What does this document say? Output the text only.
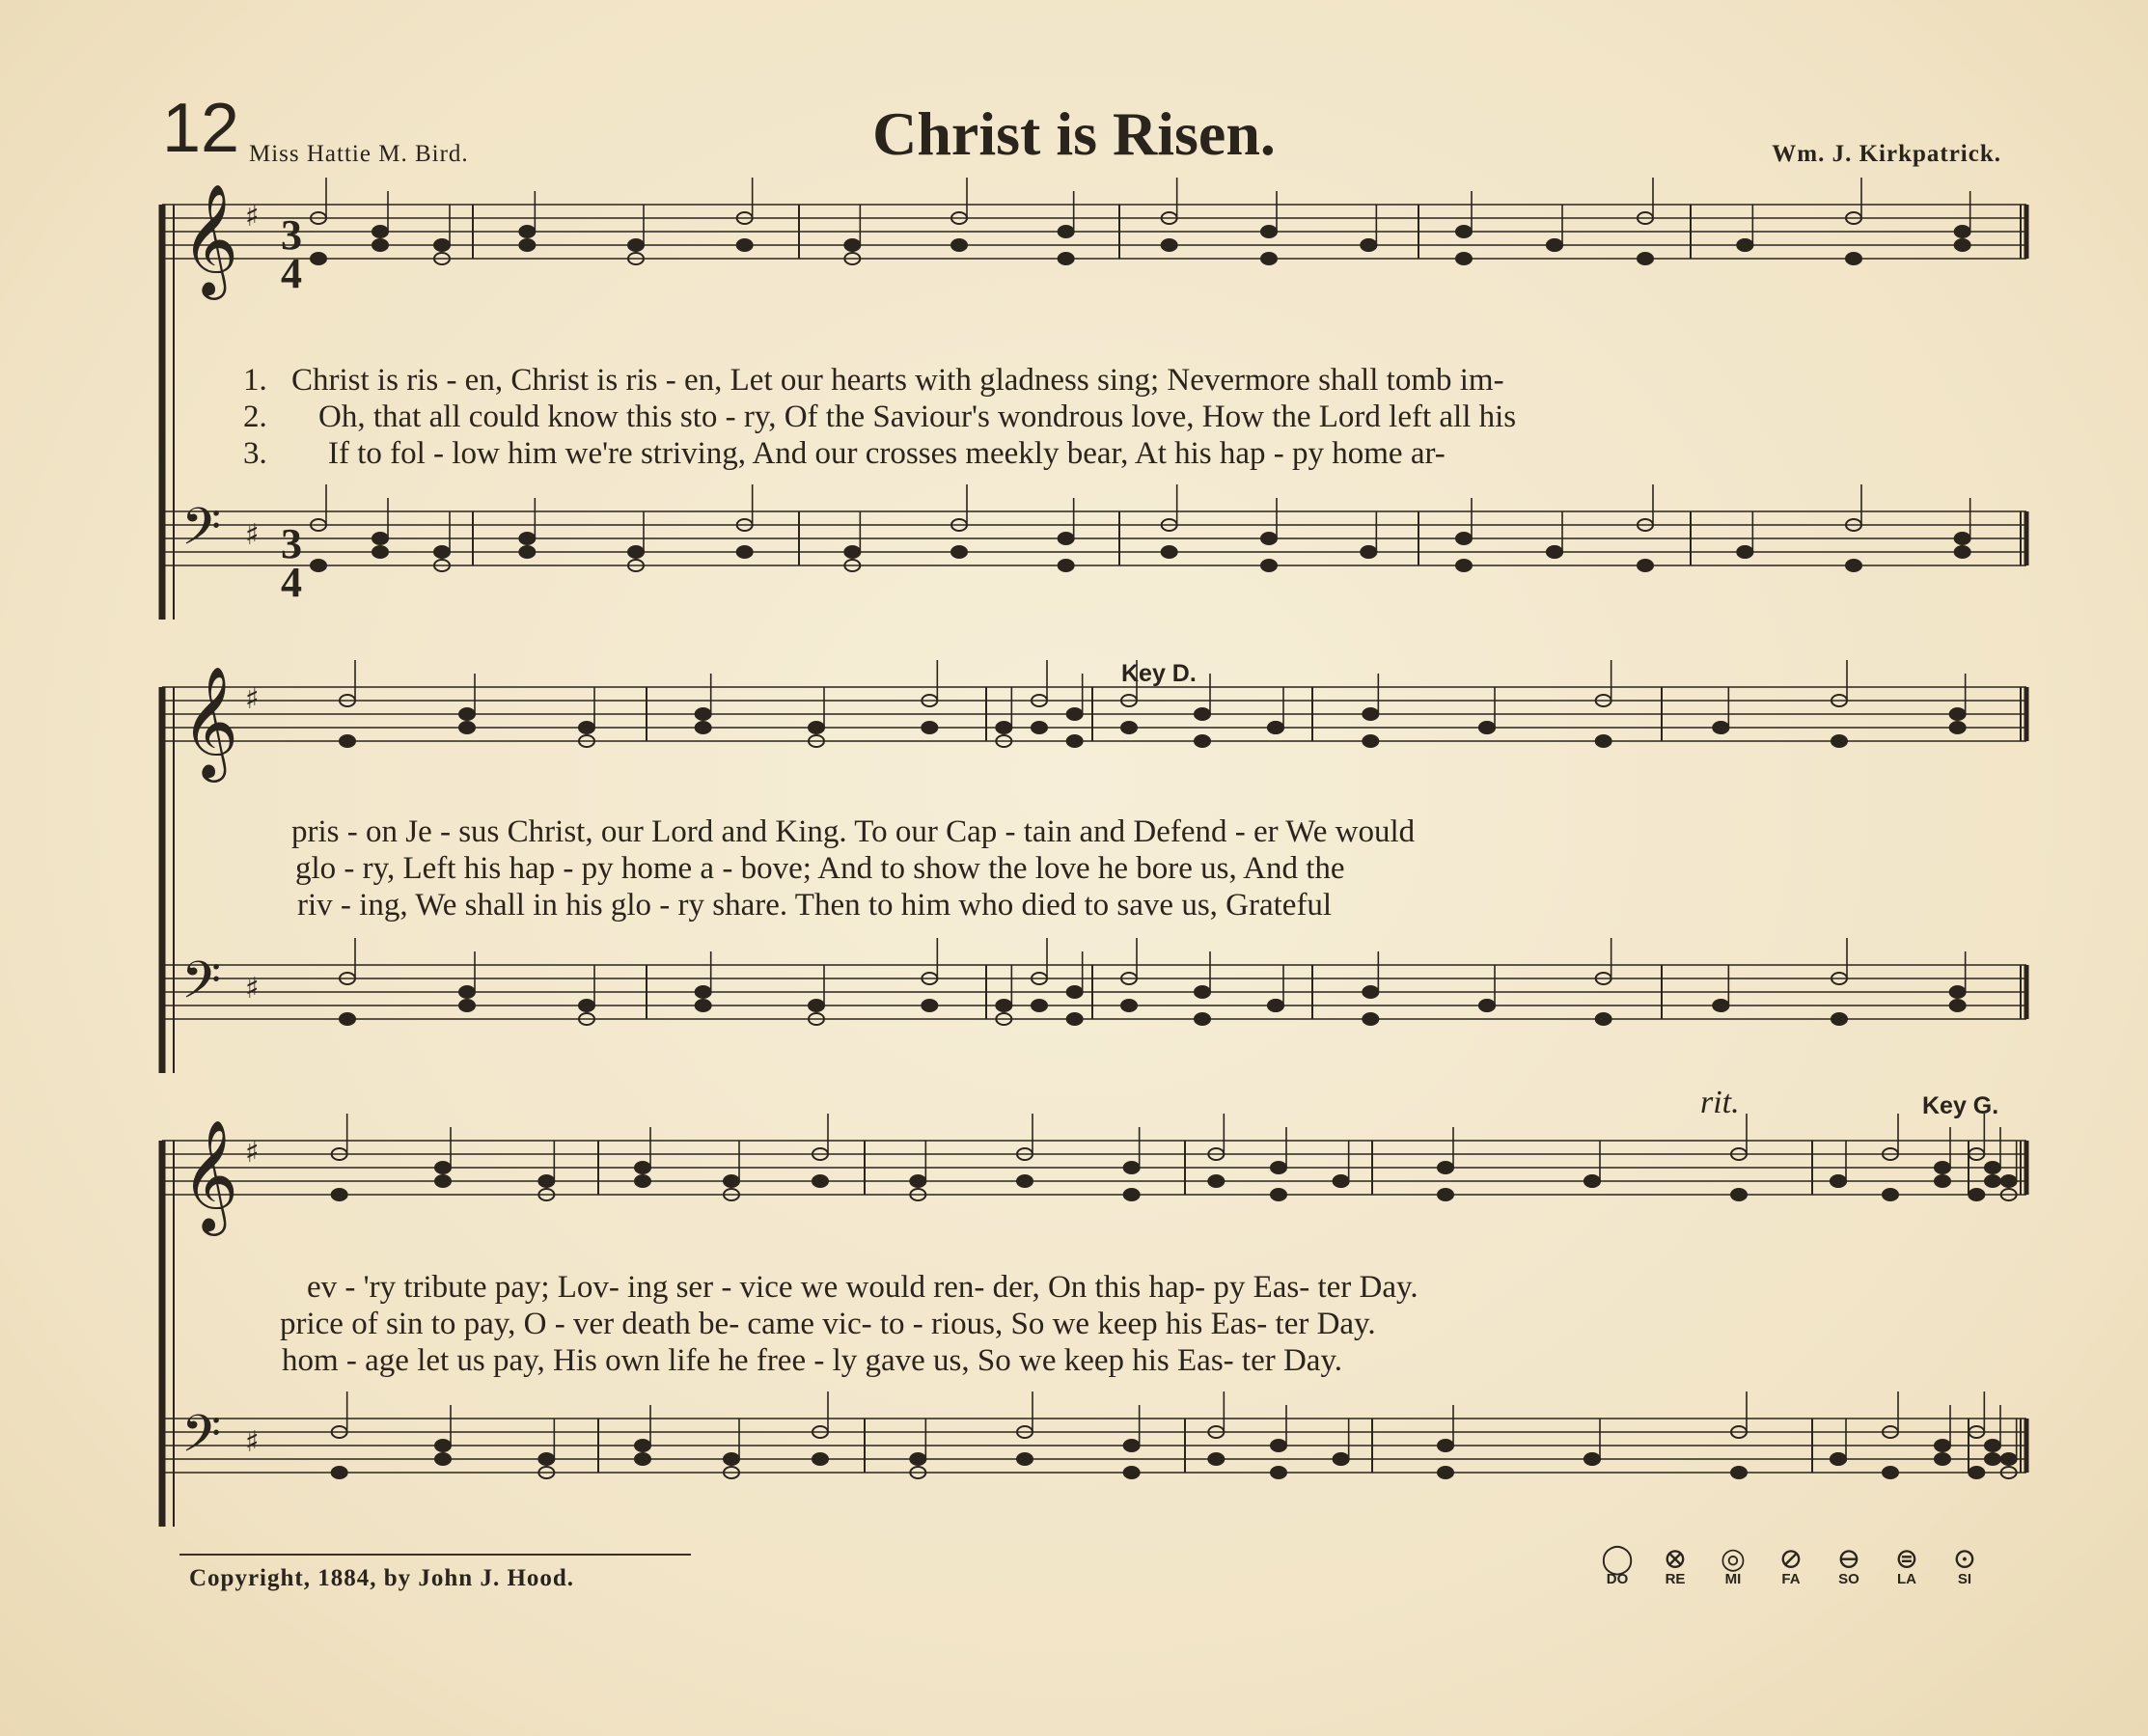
12 Miss Hattie M. Bird.	Christ is Risen.	Wm. J. Kirkpatrick.
𝄞 ♯
𝄢 ♯
𝄞 ♯
𝄢 ♯
𝄞 ♯
𝄢 ♯
3
4
3
4
1.
2.
3.
Christ is ris - en, Christ is ris - en, Let our hearts with gladness sing; Nevermore shall tomb im-
Oh, that all could know this sto - ry, Of the Saviour's wondrous love, How the Lord left all his
If to fol - low him we're striving, And our crosses meekly bear, At his hap - py home ar-
Key D.
pris - on Je - sus Christ, our Lord and King. To our Cap - tain and Defend - er We would
glo - ry, Left his hap - py home a - bove; And to show the love he bore us, And the
riv - ing, We shall in his glo - ry share. Then to him who died to save us, Grateful
rit.	Key G.
ev - 'ry tribute pay; Lov- ing ser - vice we would ren- der, On this hap- py Eas- ter Day.
price of sin to pay, O - ver death be- came vic- to - rious, So we keep his Eas- ter Day.
hom - age let us pay, His own life he free - ly gave us, So we keep his Eas- ter Day.
Copyright, 1884, by John J. Hood.
◯
DO
⊗
RE
◎
MI
⊘
FA
⊖
SO
⊜
LA
⊙
SI
